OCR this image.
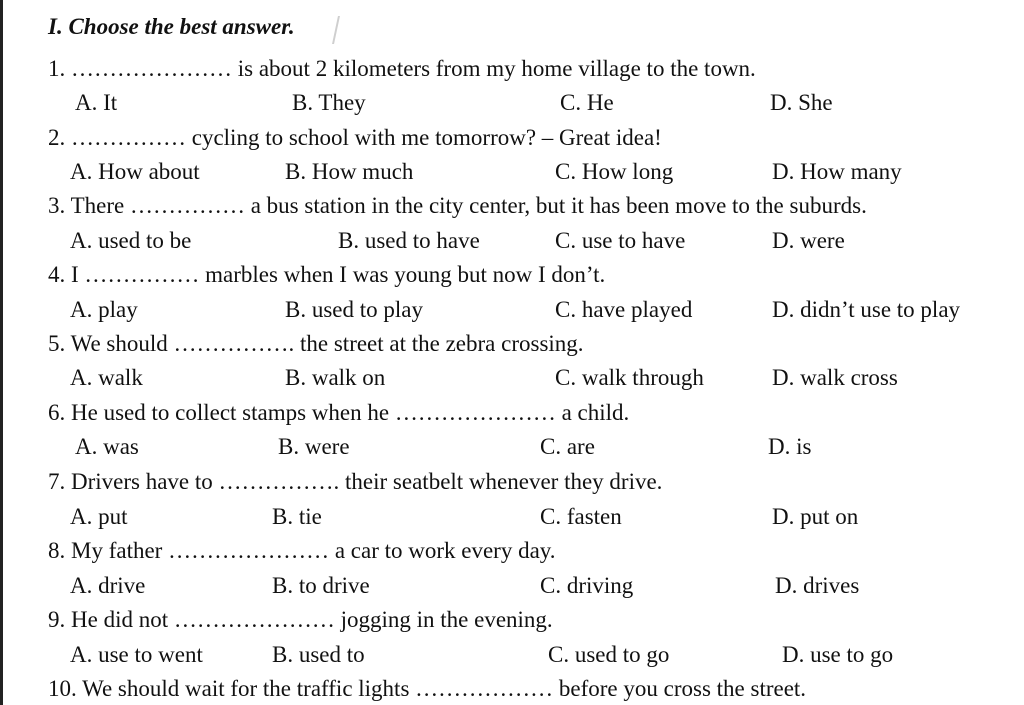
I. Choose the best answer.
1. ………………… is about 2 kilometers from my home village to the town.
A. It	B. They	C. He	D. She
2. …………… cycling to school with me tomorrow? – Great idea!
A. How about	B. How much	C. How long	D. How many
3. There …………… a bus station in the city center, but it has been move to the suburds.
A. used to be	B. used to have	C. use to have	D. were
4. I …………… marbles when I was young but now I don’t.
A. play	B. used to play	C. have played	D. didn’t use to play
5. We should ……………. the street at the zebra crossing.
A. walk	B. walk on	C. walk through	D. walk cross
6. He used to collect stamps when he ………………… a child.
A. was	B. were	C. are	D. is
7. Drivers have to ……………. their seatbelt whenever they drive.
A. put	B. tie	C. fasten	D. put on
8. My father ………………… a car to work every day.
A. drive	B. to drive	C. driving	D. drives
9. He did not ………………… jogging in the evening.
A. use to went	B. used to	C. used to go	D. use to go
10. We should wait for the traffic lights ……………… before you cross the street.
